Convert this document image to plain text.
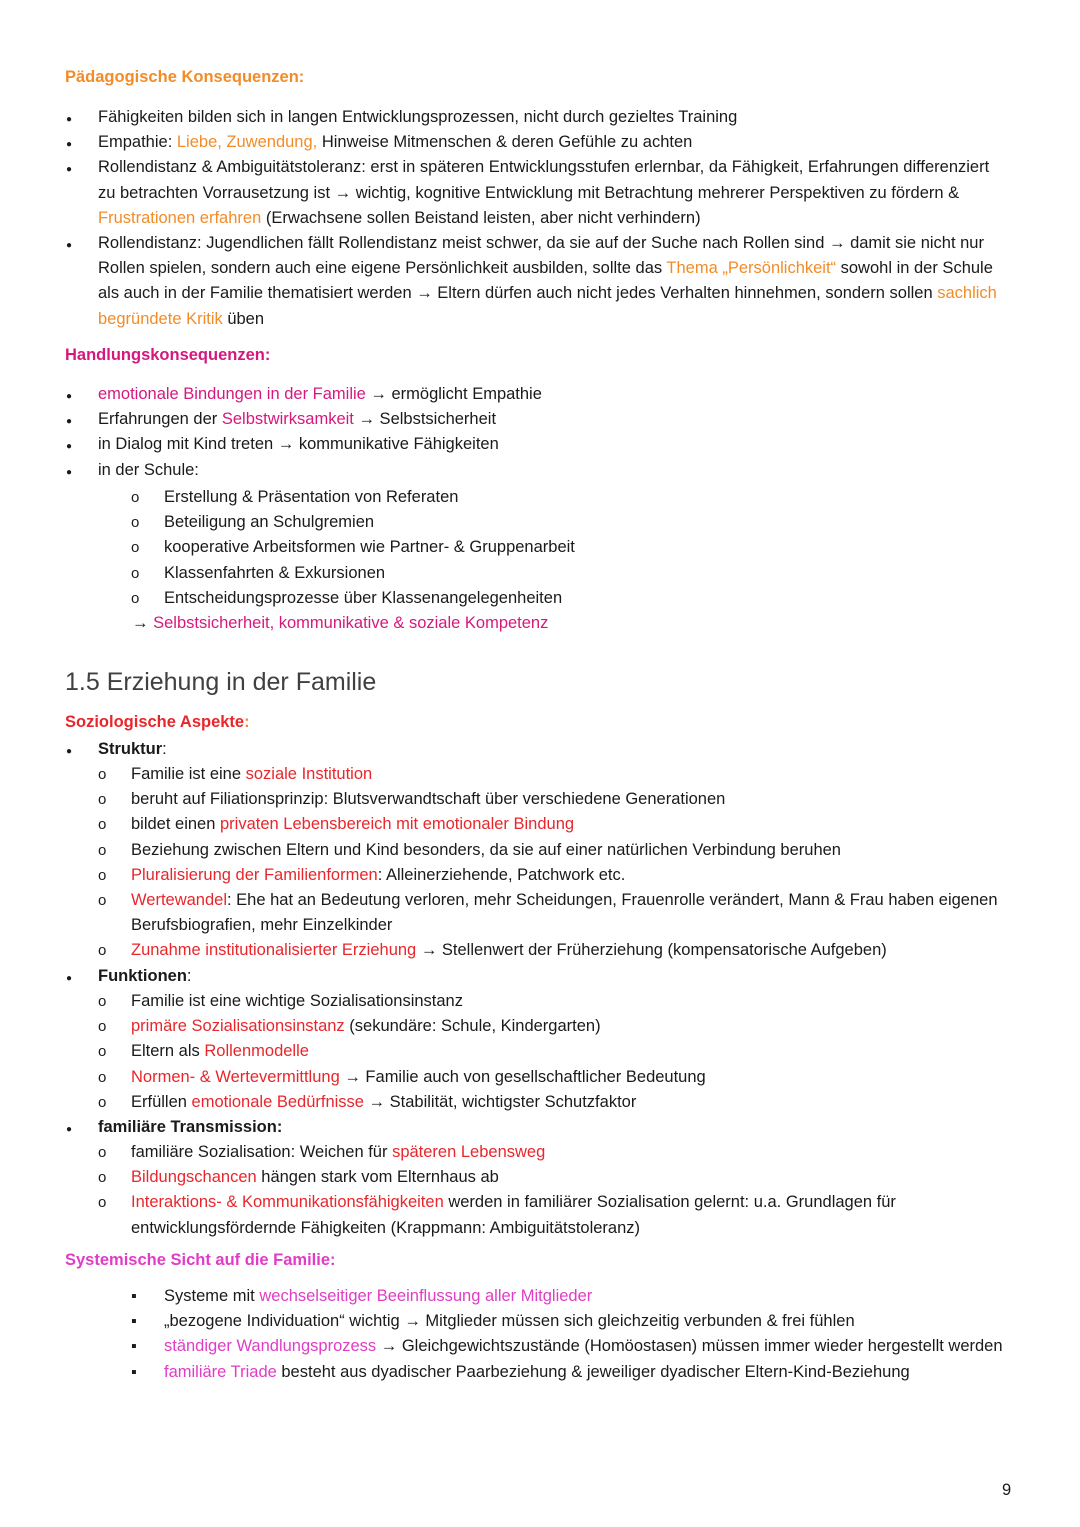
Pädagogische Konsequenzen:
●
Fähigkeiten bilden sich in langen Entwicklungsprozessen, nicht durch gezieltes Training
●
Empathie: Liebe, Zuwendung, Hinweise Mitmenschen & deren Gefühle zu achten
●
Rollendistanz & Ambiguitätstoleranz: erst in späteren Entwicklungsstufen erlernbar, da Fähigkeit, Erfahrungen differenziert zu betrachten Vorrausetzung ist → wichtig, kognitive Entwicklung mit Betrachtung mehrerer Perspektiven zu fördern & Frustrationen erfahren (Erwachsene sollen Beistand leisten, aber nicht verhindern)
●
Rollendistanz: Jugendlichen fällt Rollendistanz meist schwer, da sie auf der Suche nach Rollen sind → damit sie nicht nur Rollen spielen, sondern auch eine eigene Persönlichkeit ausbilden, sollte das Thema „Persönlichkeit“ sowohl in der Schule als auch in der Familie thematisiert werden → Eltern dürfen auch nicht jedes Verhalten hinnehmen, sondern sollen sachlich begründete Kritik üben
Handlungskonsequenzen:
●
emotionale Bindungen in der Familie → ermöglicht Empathie
●
Erfahrungen der Selbstwirksamkeit → Selbstsicherheit
●
in Dialog mit Kind treten → kommunikative Fähigkeiten
●
in der Schule:
o
Erstellung & Präsentation von Referaten
o
Beteiligung an Schulgremien
o
kooperative Arbeitsformen wie Partner- & Gruppenarbeit
o
Klassenfahrten & Exkursionen
o
Entscheidungsprozesse über Klassenangelegenheiten
→ Selbstsicherheit, kommunikative & soziale Kompetenz
1.5 Erziehung in der Familie
Soziologische Aspekte:
●
Struktur:
o
Familie ist eine soziale Institution
o
beruht auf Filiationsprinzip: Blutsverwandtschaft über verschiedene Generationen
o
bildet einen privaten Lebensbereich mit emotionaler Bindung
o
Beziehung zwischen Eltern und Kind besonders, da sie auf einer natürlichen Verbindung beruhen
o
Pluralisierung der Familienformen: Alleinerziehende, Patchwork etc.
o
Wertewandel: Ehe hat an Bedeutung verloren, mehr Scheidungen, Frauenrolle verändert, Mann & Frau haben eigenen Berufsbiografien, mehr Einzelkinder
o
Zunahme institutionalisierter Erziehung → Stellenwert der Früherziehung (kompensatorische Aufgeben)
●
Funktionen:
o
Familie ist eine wichtige Sozialisationsinstanz
o
primäre Sozialisationsinstanz (sekundäre: Schule, Kindergarten)
o
Eltern als Rollenmodelle
o
Normen- & Wertevermittlung → Familie auch von gesellschaftlicher Bedeutung
o
Erfüllen emotionale Bedürfnisse → Stabilität, wichtigster Schutzfaktor
●
familiäre Transmission:
o
familiäre Sozialisation: Weichen für späteren Lebensweg
o
Bildungschancen hängen stark vom Elternhaus ab
o
Interaktions- & Kommunikationsfähigkeiten werden in familiärer Sozialisation gelernt: u.a. Grundlagen für entwicklungsfördernde Fähigkeiten (Krappmann: Ambiguitätstoleranz)
Systemische Sicht auf die Familie:
▪
Systeme mit wechselseitiger Beeinflussung aller Mitglieder
▪
„bezogene Individuation“ wichtig → Mitglieder müssen sich gleichzeitig verbunden & frei fühlen
▪
ständiger Wandlungsprozess → Gleichgewichtszustände (Homöostasen) müssen immer wieder hergestellt werden
▪
familiäre Triade besteht aus dyadischer Paarbeziehung & jeweiliger dyadischer Eltern-Kind-Beziehung
9
